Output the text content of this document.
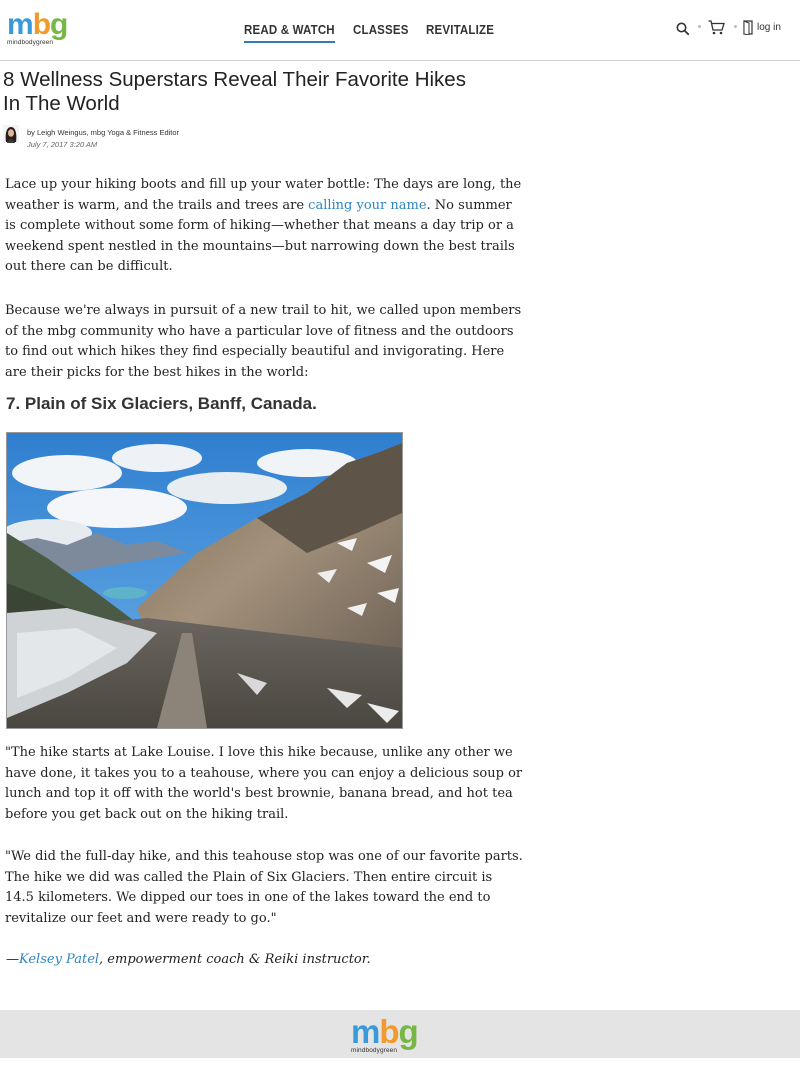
mbg
mindbodygreen
READ & WATCH CLASSES REVITALIZE	log in
8 Wellness Superstars Reveal Their Favorite Hikes In The World
by Leigh Weingus, mbg Yoga & Fitness Editor
July 7, 2017 3:20 AM

Lace up your hiking boots and fill up your water bottle: The days are long, the weather is warm, and the trails and trees are calling your name. No summer is complete without some form of hiking—whether that means a day trip or a weekend spent nestled in the mountains—but narrowing down the best trails out there can be difficult.

Because we're always in pursuit of a new trail to hit, we called upon members of the mbg community who have a particular love of fitness and the outdoors to find out which hikes they find especially beautiful and invigorating. Here are their picks for the best hikes in the world:

7. Plain of Six Glaciers, Banff, Canada.

"The hike starts at Lake Louise. I love this hike because, unlike any other we have done, it takes you to a teahouse, where you can enjoy a delicious soup or lunch and top it off with the world's best brownie, banana bread, and hot tea before you get back out on the hiking trail.

"We did the full-day hike, and this teahouse stop was one of our favorite parts. The hike we did was called the Plain of Six Glaciers. Then entire circuit is 14.5 kilometers. We dipped our toes in one of the lakes toward the end to revitalize our feet and were ready to go."

—Kelsey Patel, empowerment coach & Reiki instructor.

mbg
mindbodygreen
